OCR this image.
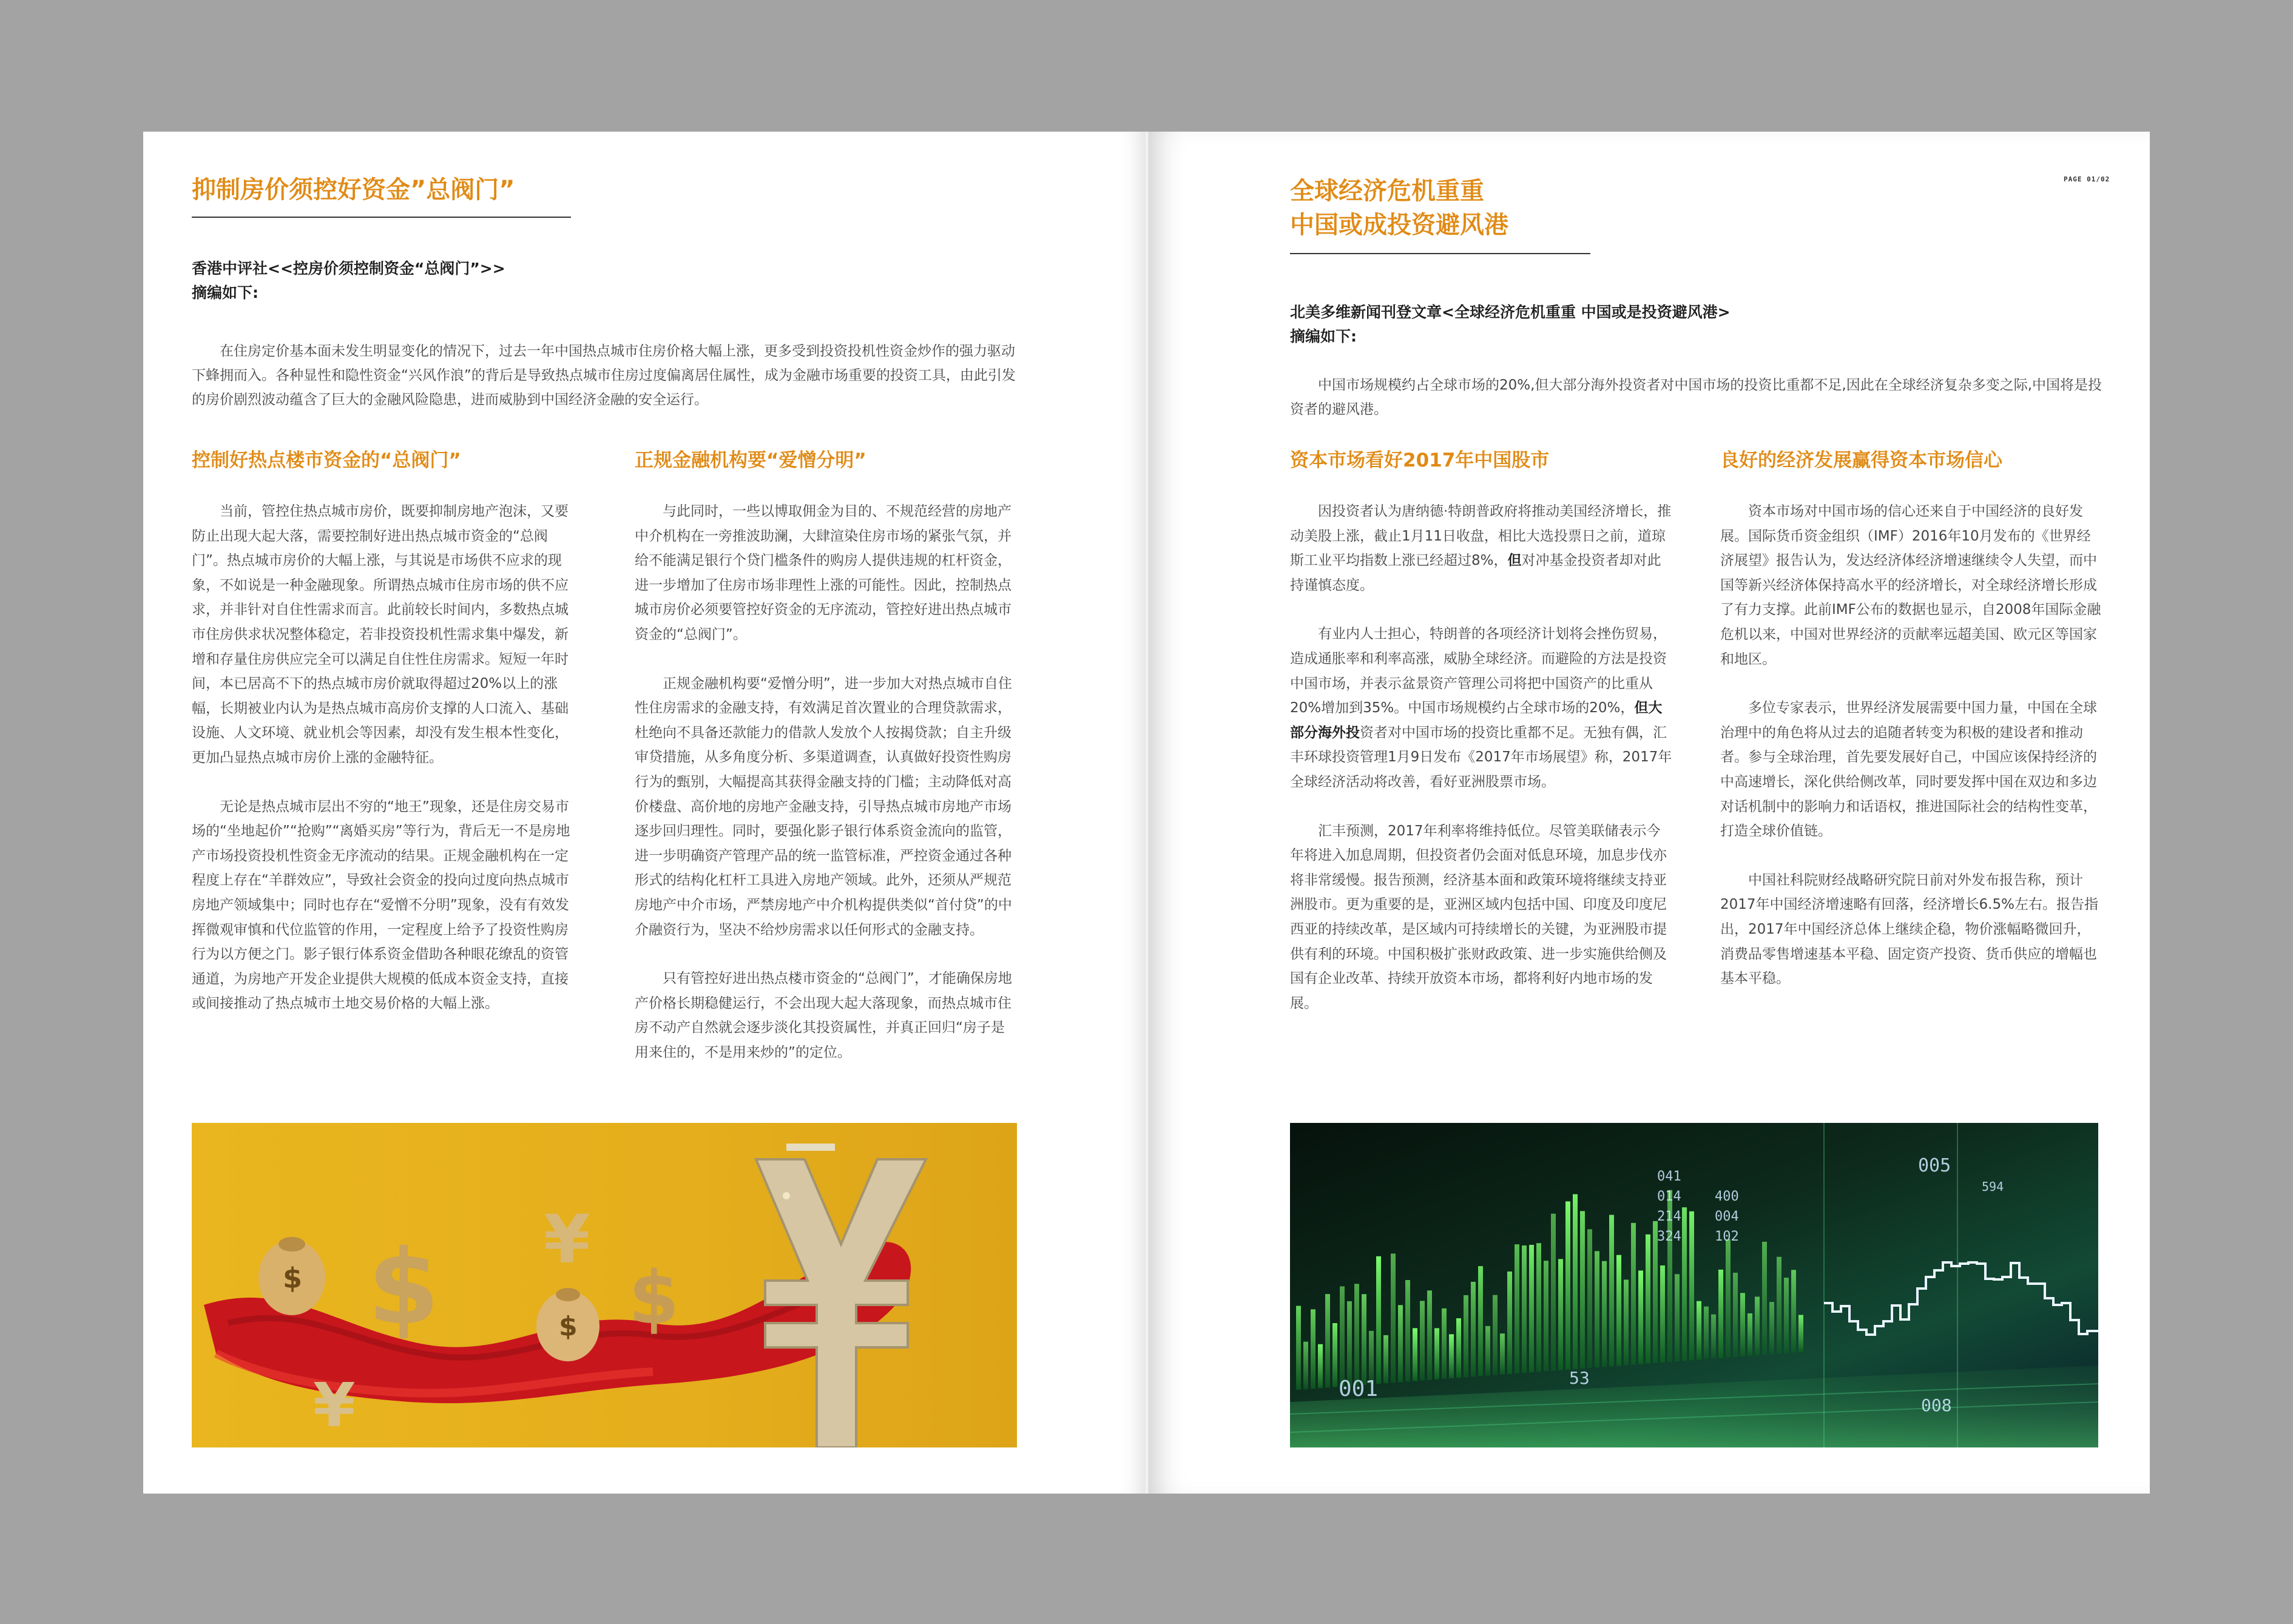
抑制房价须控好资金”总阀门”
香港中评社<<控房价须控制资金“总阀门”>>
摘编如下:

在住房定价基本面未发生明显变化的情况下，过去一年中国热点城市住房价格大幅上涨，更多受到投资投机性资金炒作的强力驱动下蜂拥而入。各种显性和隐性资金“兴风作浪”的背后是导致热点城市住房过度偏离居住属性，成为金融市场重要的投资工具，由此引发的房价剧烈波动蕴含了巨大的金融风险隐患，进而威胁到中国经济金融的安全运行。

控制好热点楼市资金的“总阀门”

当前，管控住热点城市房价，既要抑制房地产泡沫，又要防止出现大起大落，需要控制好进出热点城市资金的“总阀门”。热点城市房价的大幅上涨，与其说是市场供不应求的现象，不如说是一种金融现象。所谓热点城市住房市场的供不应求，并非针对自住性需求而言。此前较长时间内，多数热点城市住房供求状况整体稳定，若非投资投机性需求集中爆发，新增和存量住房供应完全可以满足自住性住房需求。短短一年时间，本已居高不下的热点城市房价就取得超过20%以上的涨幅，长期被业内认为是热点城市高房价支撑的人口流入、基础设施、人文环境、就业机会等因素，却没有发生根本性变化，更加凸显热点城市房价上涨的金融特征。

无论是热点城市层出不穷的“地王”现象，还是住房交易市场的“坐地起价”“抢购”“离婚买房”等行为，背后无一不是房地产市场投资投机性资金无序流动的结果。正规金融机构在一定程度上存在“羊群效应”，导致社会资金的投向过度向热点城市房地产领域集中；同时也存在“爱憎不分明”现象，没有有效发挥微观审慎和代位监管的作用，一定程度上给予了投资性购房行为以方便之门。影子银行体系资金借助各种眼花缭乱的资管通道，为房地产开发企业提供大规模的低成本资金支持，直接或间接推动了热点城市土地交易价格的大幅上涨。

正规金融机构要“爱憎分明”

与此同时，一些以博取佣金为目的、不规范经营的房地产中介机构在一旁推波助澜，大肆渲染住房市场的紧张气氛，并给不能满足银行个贷门槛条件的购房人提供违规的杠杆资金，进一步增加了住房市场非理性上涨的可能性。因此，控制热点城市房价必须要管控好资金的无序流动，管控好进出热点城市资金的“总阀门”。

正规金融机构要“爱憎分明”，进一步加大对热点城市自住性住房需求的金融支持，有效满足首次置业的合理贷款需求，杜绝向不具备还款能力的借款人发放个人按揭贷款；自主升级审贷措施，从多角度分析、多渠道调查，认真做好投资性购房行为的甄别，大幅提高其获得金融支持的门槛；主动降低对高价楼盘、高价地的房地产金融支持，引导热点城市房地产市场逐步回归理性。同时，要强化影子银行体系资金流向的监管，进一步明确资产管理产品的统一监管标准，严控资金通过各种形式的结构化杠杆工具进入房地产领域。此外，还须从严规范房地产中介市场，严禁房地产中介机构提供类似“首付贷”的中介融资行为，坚决不给炒房需求以任何形式的金融支持。

只有管控好进出热点楼市资金的“总阀门”，才能确保房地产价格长期稳健运行，不会出现大起大落现象，而热点城市住房不动产自然就会逐步淡化其投资属性，并真正回归“房子是用来住的，不是用来炒的”的定位。

$
$
$	$
¥
¥
PAGE 01/02
全球经济危机重重
中国或成投资避风港
北美多维新闻刊登文章<全球经济危机重重 中国或是投资避风港>
摘编如下:

中国市场规模约占全球市场的20%,但大部分海外投资者对中国市场的投资比重都不足,因此在全球经济复杂多变之际,中国将是投资者的避风港。

资本市场看好2017年中国股市

因投资者认为唐纳德·特朗普政府将推动美国经济增长，推动美股上涨，截止1月11日收盘，相比大选投票日之前，道琼斯工业平均指数上涨已经超过8%，但对冲基金投资者却对此持谨慎态度。

有业内人士担心，特朗普的各项经济计划将会挫伤贸易，造成通胀率和利率高涨，威胁全球经济。而避险的方法是投资中国市场，并表示盆景资产管理公司将把中国资产的比重从20%增加到35%。中国市场规模约占全球市场的20%，但大部分海外投资者对中国市场的投资比重都不足。无独有偶，汇丰环球投资管理1月9日发布《2017年市场展望》称，2017年全球经济活动将改善，看好亚洲股票市场。

汇丰预测，2017年利率将维持低位。尽管美联储表示今年将进入加息周期，但投资者仍会面对低息环境，加息步伐亦将非常缓慢。报告预测，经济基本面和政策环境将继续支持亚洲股市。更为重要的是，亚洲区域内包括中国、印度及印度尼西亚的持续改革，是区域内可持续增长的关键，为亚洲股市提供有利的环境。中国积极扩张财政政策、进一步实施供给侧及国有企业改革、持续开放资本市场，都将利好内地市场的发展。

良好的经济发展赢得资本市场信心

资本市场对中国市场的信心还来自于中国经济的良好发展。国际货币资金组织（IMF）2016年10月发布的《世界经济展望》报告认为，发达经济体经济增速继续令人失望，而中国等新兴经济体保持高水平的经济增长，对全球经济增长形成了有力支撑。此前IMF公布的数据也显示，自2008年国际金融危机以来，中国对世界经济的贡献率远超美国、欧元区等国家和地区。

多位专家表示，世界经济发展需要中国力量，中国在全球治理中的角色将从过去的追随者转变为积极的建设者和推动者。参与全球治理，首先要发展好自己，中国应该保持经济的中高速增长，深化供给侧改革，同时要发挥中国在双边和多边对话机制中的影响力和话语权，推进国际社会的结构性变革，打造全球价值链。

中国社科院财经战略研究院日前对外发布报告称，预计2017年中国经济增速略有回落，经济增长6.5%左右。报告指出，2017年中国经济总体上继续企稳，物价涨幅略微回升，消费品零售增速基本平稳、固定资产投资、货币供应的增幅也基本平稳。

041
014
214
324
400
004
102
005
594
001	53
008
